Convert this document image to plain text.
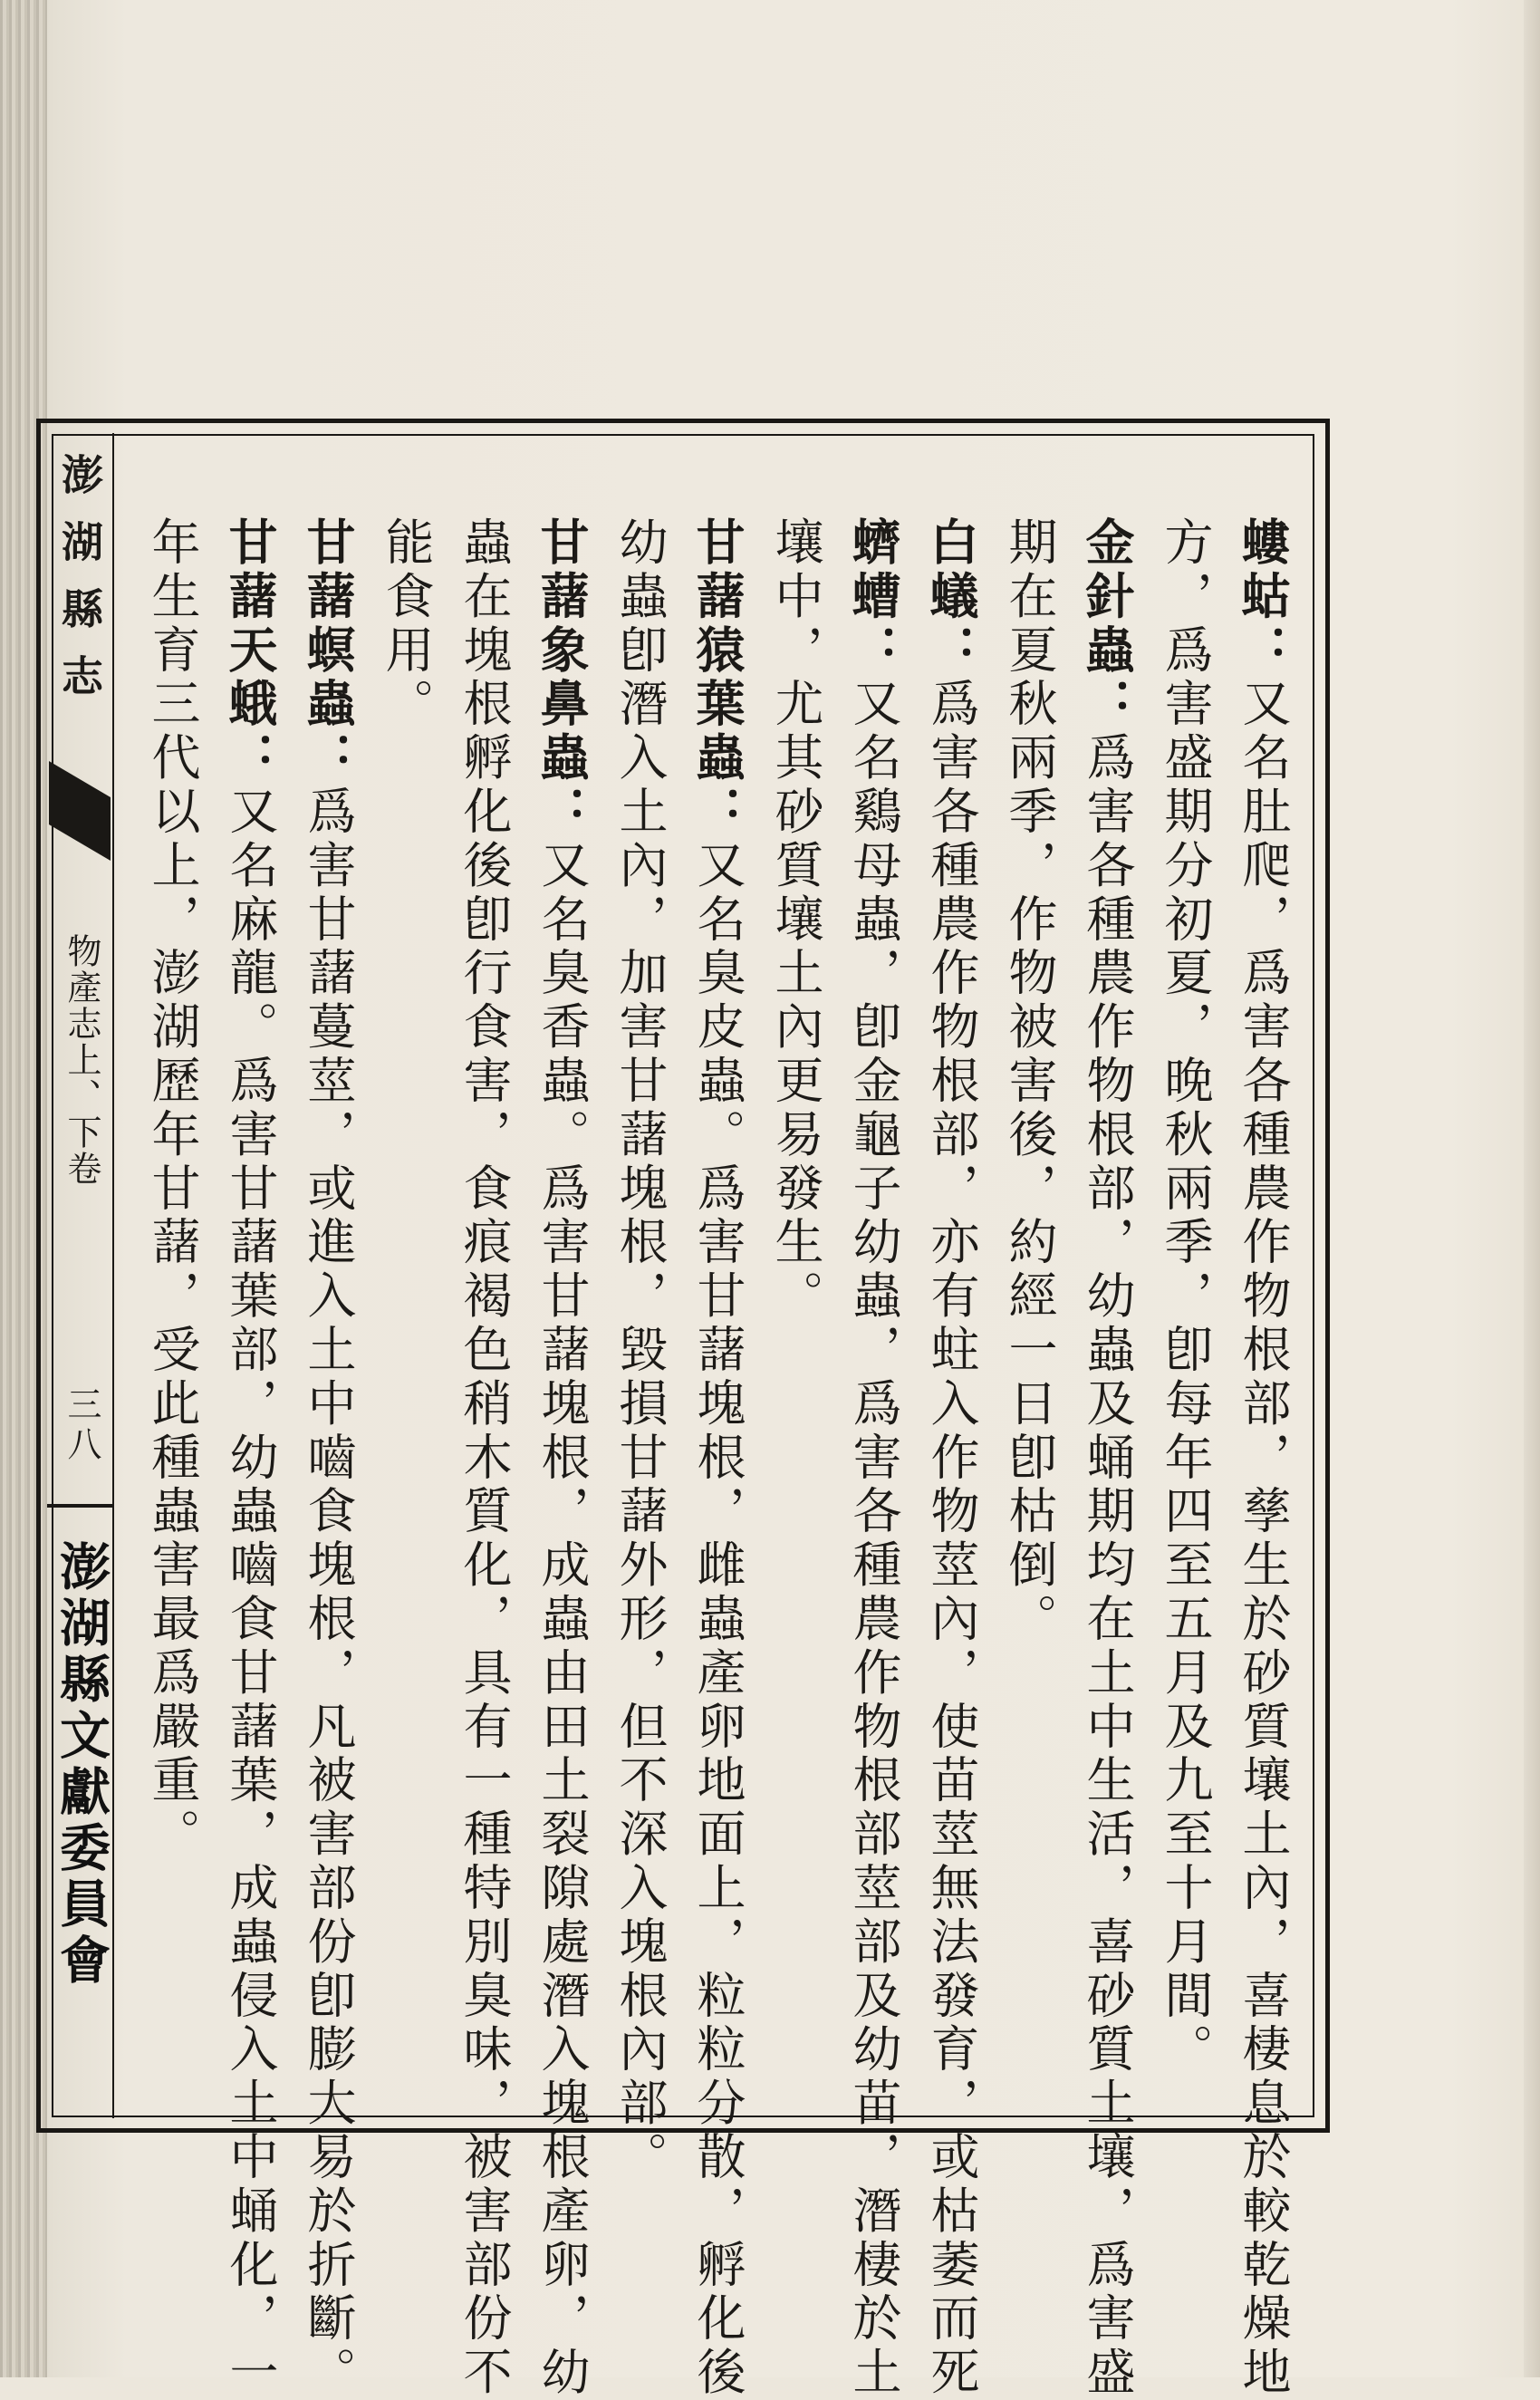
澎湖縣志
物產志上、下卷
三八
澎湖縣文獻委員會
螻蛄：又名肚爬，爲害各種農作物根部，孳生於砂質壤土內，喜棲息於較乾燥地
方，爲害盛期分初夏，晚秋兩季，卽每年四至五月及九至十月間。
金針蟲：爲害各種農作物根部，幼蟲及蛹期均在土中生活，喜砂質土壤，爲害盛
期在夏秋兩季，作物被害後，約經一日卽枯倒。
白蟻：爲害各種農作物根部，亦有蛀入作物莖內，使苗莖無法發育，或枯萎而死
蠐螬：又名鷄母蟲，卽金龜子幼蟲，爲害各種農作物根部莖部及幼苗，潛棲於土
壤中，尤其砂質壤土內更易發生。
甘藷猿葉蟲：又名臭皮蟲。爲害甘藷塊根，雌蟲產卵地面上，粒粒分散，孵化後
幼蟲卽潛入土內，加害甘藷塊根，毀損甘藷外形，但不深入塊根內部。
甘藷象鼻蟲：又名臭香蟲。爲害甘藷塊根，成蟲由田土裂隙處潛入塊根產卵，幼
蟲在塊根孵化後卽行食害，食痕褐色稍木質化，具有一種特別臭味，被害部份不
能食用。
甘藷螟蟲：爲害甘藷蔓莖，或進入土中嚙食塊根，凡被害部份卽膨大易於折斷。
甘藷天蛾：又名麻龍。爲害甘藷葉部，幼蟲嚙食甘藷葉，成蟲侵入土中蛹化，一
年生育三代以上，澎湖歷年甘藷，受此種蟲害最爲嚴重。
